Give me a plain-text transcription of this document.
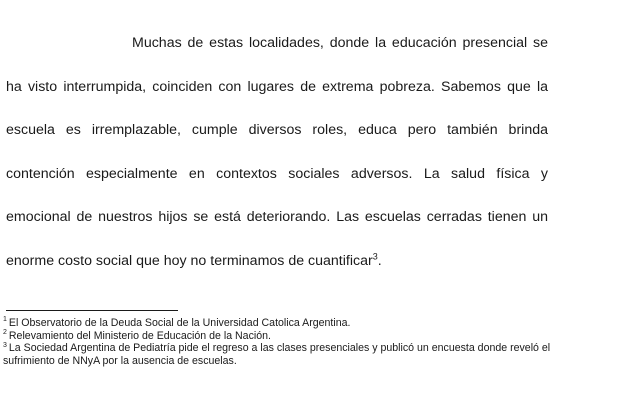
Muchas de estas localidades, donde la educación presencial se ha visto interrumpida, coinciden con lugares de extrema pobreza. Sabemos que la escuela es irremplazable, cumple diversos roles, educa pero también brinda contención especialmente en contextos sociales adversos. La salud física y emocional de nuestros hijos se está deteriorando. Las escuelas cerradas tienen un enorme costo social que hoy no terminamos de cuantificar$^3$.

$^1$ El Observatorio de la Deuda Social de la Universidad Catolica Argentina.

$^2$ Relevamiento del Ministerio de Educación de la Nación.

$^3$ La Sociedad Argentina de Pediatría pide el regreso a las clases presenciales y publicó un encuesta donde reveló el sufrimiento de NNyA por la ausencia de escuelas.
